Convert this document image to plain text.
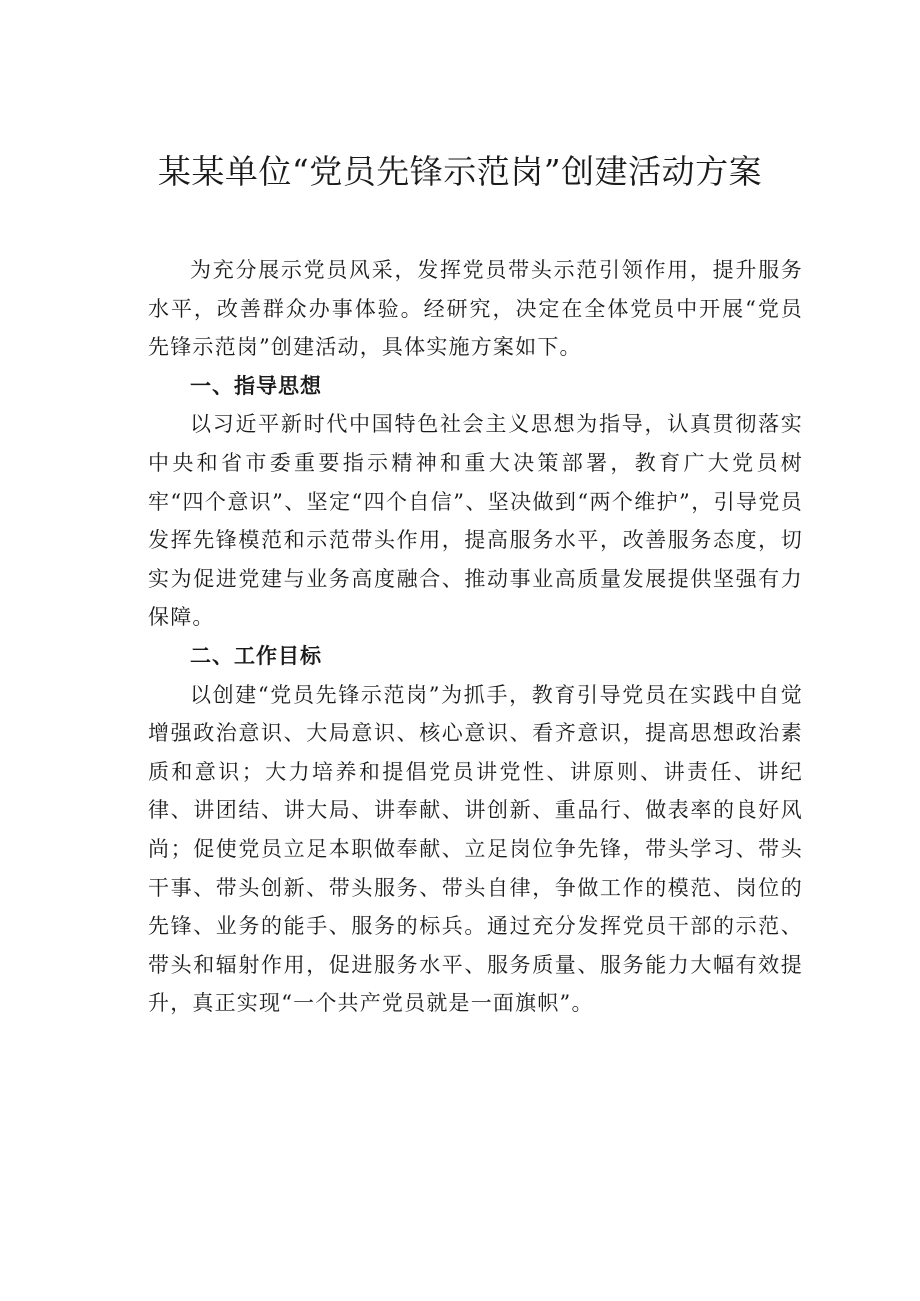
某某单位“党员先锋示范岗”创建活动方案

为充分展示党员风采，发挥党员带头示范引领作用，提升服务水平，改善群众办事体验。经研究，决定在全体党员中开展“党员先锋示范岗”创建活动，具体实施方案如下。

一、指导思想

以习近平新时代中国特色社会主义思想为指导，认真贯彻落实中央和省市委重要指示精神和重大决策部署，教育广大党员树牢“四个意识”、坚定“四个自信”、坚决做到“两个维护”，引导党员发挥先锋模范和示范带头作用，提高服务水平，改善服务态度，切实为促进党建与业务高度融合、推动事业高质量发展提供坚强有力保障。

二、工作目标

以创建“党员先锋示范岗”为抓手，教育引导党员在实践中自觉增强政治意识、大局意识、核心意识、看齐意识，提高思想政治素质和意识；大力培养和提倡党员讲党性、讲原则、讲责任、讲纪律、讲团结、讲大局、讲奉献、讲创新、重品行、做表率的良好风尚；促使党员立足本职做奉献、立足岗位争先锋，带头学习、带头干事、带头创新、带头服务、带头自律，争做工作的模范、岗位的先锋、业务的能手、服务的标兵。通过充分发挥党员干部的示范、带头和辐射作用，促进服务水平、服务质量、服务能力大幅有效提升，真正实现“一个共产党员就是一面旗帜”。
